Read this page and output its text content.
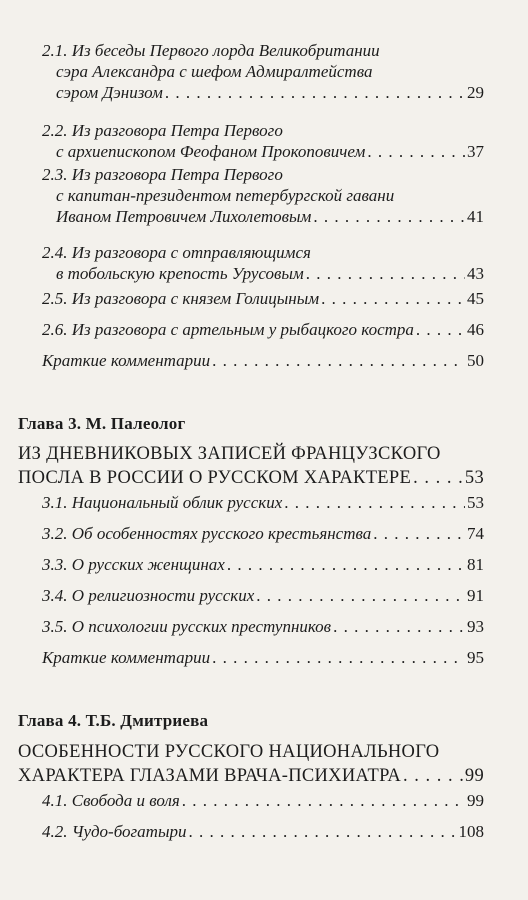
2.1. Из беседы Первого лорда Великобритании
сэра Александра с шефом Адмиралтейства
сэром Дэнизом . . .	29
2.2. Из разговора Петра Первого
с архиепископом Феофаном Прокоповичем . . .	37
2.3. Из разговора Петра Первого
с капитан-президентом петербургской гавани
Иваном Петровичем Лихолетовым . . .	41
2.4. Из разговора с отправляющимся
в тобольскую крепость Урусовым . . .	43
2.5. Из разговора с князем Голицыным . . .	45
2.6. Из разговора с артельным у рыбацкого костра . . .	46
Краткие комментарии . . .	50
Глава 3. М. Палеолог
ИЗ ДНЕВНИКОВЫХ ЗАПИСЕЙ ФРАНЦУЗСКОГО
ПОСЛА В РОССИИ О РУССКОМ ХАРАКТЕРЕ . . .	53
3.1. Национальный облик русских . . .	53
3.2. Об особенностях русского крестьянства . . .	74
3.3. О русских женщинах . . .	81
3.4. О религиозности русских . . .	91
3.5. О психологии русских преступников . . .	93
Краткие комментарии . . .	95
Глава 4. Т.Б. Дмитриева
ОСОБЕННОСТИ РУССКОГО НАЦИОНАЛЬНОГО
ХАРАКТЕРА ГЛАЗАМИ ВРАЧА-ПСИХИАТРА . . .	99
4.1. Свобода и воля . . .	99
4.2. Чудо-богатыри . . .	108
